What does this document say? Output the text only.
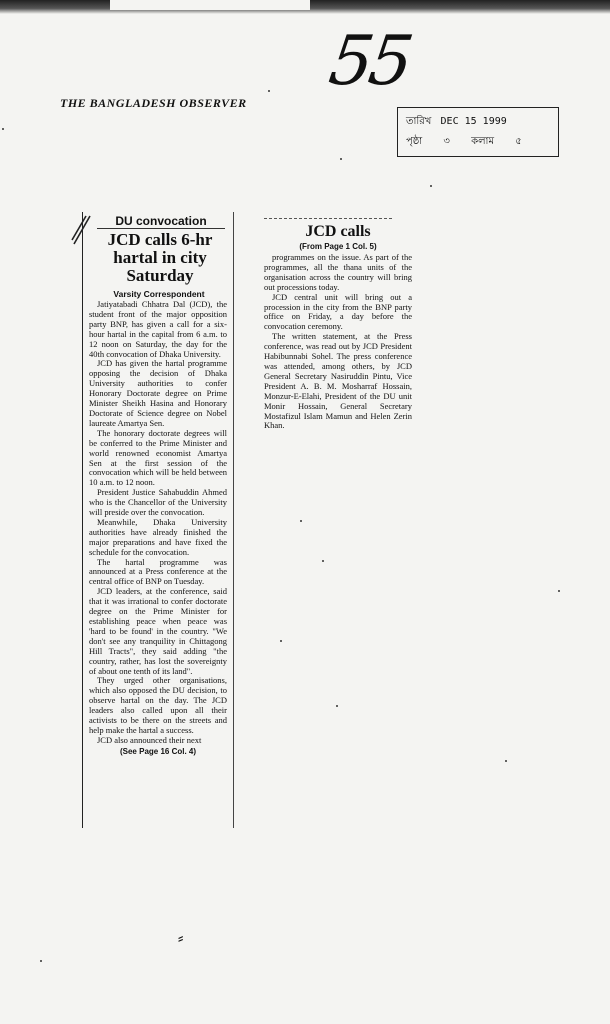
55
THE BANGLADESH OBSERVER
তারিখ DEC 15 1999
পৃষ্ঠা ৩ কলাম ৫
DU convocation
JCD calls 6-hr hartal in city Saturday
Varsity Correspondent

Jatiyatabadi Chhatra Dal (JCD), the student front of the major opposition party BNP, has given a call for a six-hour hartal in the capital from 6 a.m. to 12 noon on Saturday, the day for the 40th convocation of Dhaka University.

JCD has given the hartal programme opposing the decision of Dhaka University authorities to confer Honorary Doctorate degree on Prime Minister Sheikh Hasina and Honorary Doctorate of Science degree on Nobel laureate Amartya Sen.

The honorary doctorate degrees will be conferred to the Prime Minister and world renowned economist Amartya Sen at the first session of the convocation which will be held between 10 a.m. to 12 noon.

President Justice Sahabuddin Ahmed who is the Chancellor of the University will preside over the convocation.

Meanwhile, Dhaka University authorities have already finished the major preparations and have fixed the schedule for the convocation.

The hartal programme was announced at a Press conference at the central office of BNP on Tuesday.

JCD leaders, at the conference, said that it was irrational to confer doctorate degree on the Prime Minister for establishing peace when peace was 'hard to be found' in the country. "We don't see any tranquility in Chittagong Hill Tracts", they said adding "the country, rather, has lost the sovereignty of about one tenth of its land".

They urged other organisations, which also opposed the DU decision, to observe hartal on the day. The JCD leaders also called upon all their activists to be there on the streets and help make the hartal a success.

JCD also announced their next

(See Page 16 Col. 4)
JCD calls
(From Page 1 Col. 5)

programmes on the issue. As part of the programmes, all the thana units of the organisation across the country will bring out processions today.

JCD central unit will bring out a procession in the city from the BNP party office on Friday, a day before the convocation ceremony.

The written statement, at the Press conference, was read out by JCD President Habibunnabi Sohel. The press conference was attended, among others, by JCD General Secretary Nasiruddin Pintu, Vice President A. B. M. Mosharraf Hossain, Monzur-E-Elahi, President of the DU unit Monir Hossain, General Secretary Mostafizul Islam Mamun and Helen Zerin Khan.

⸗
